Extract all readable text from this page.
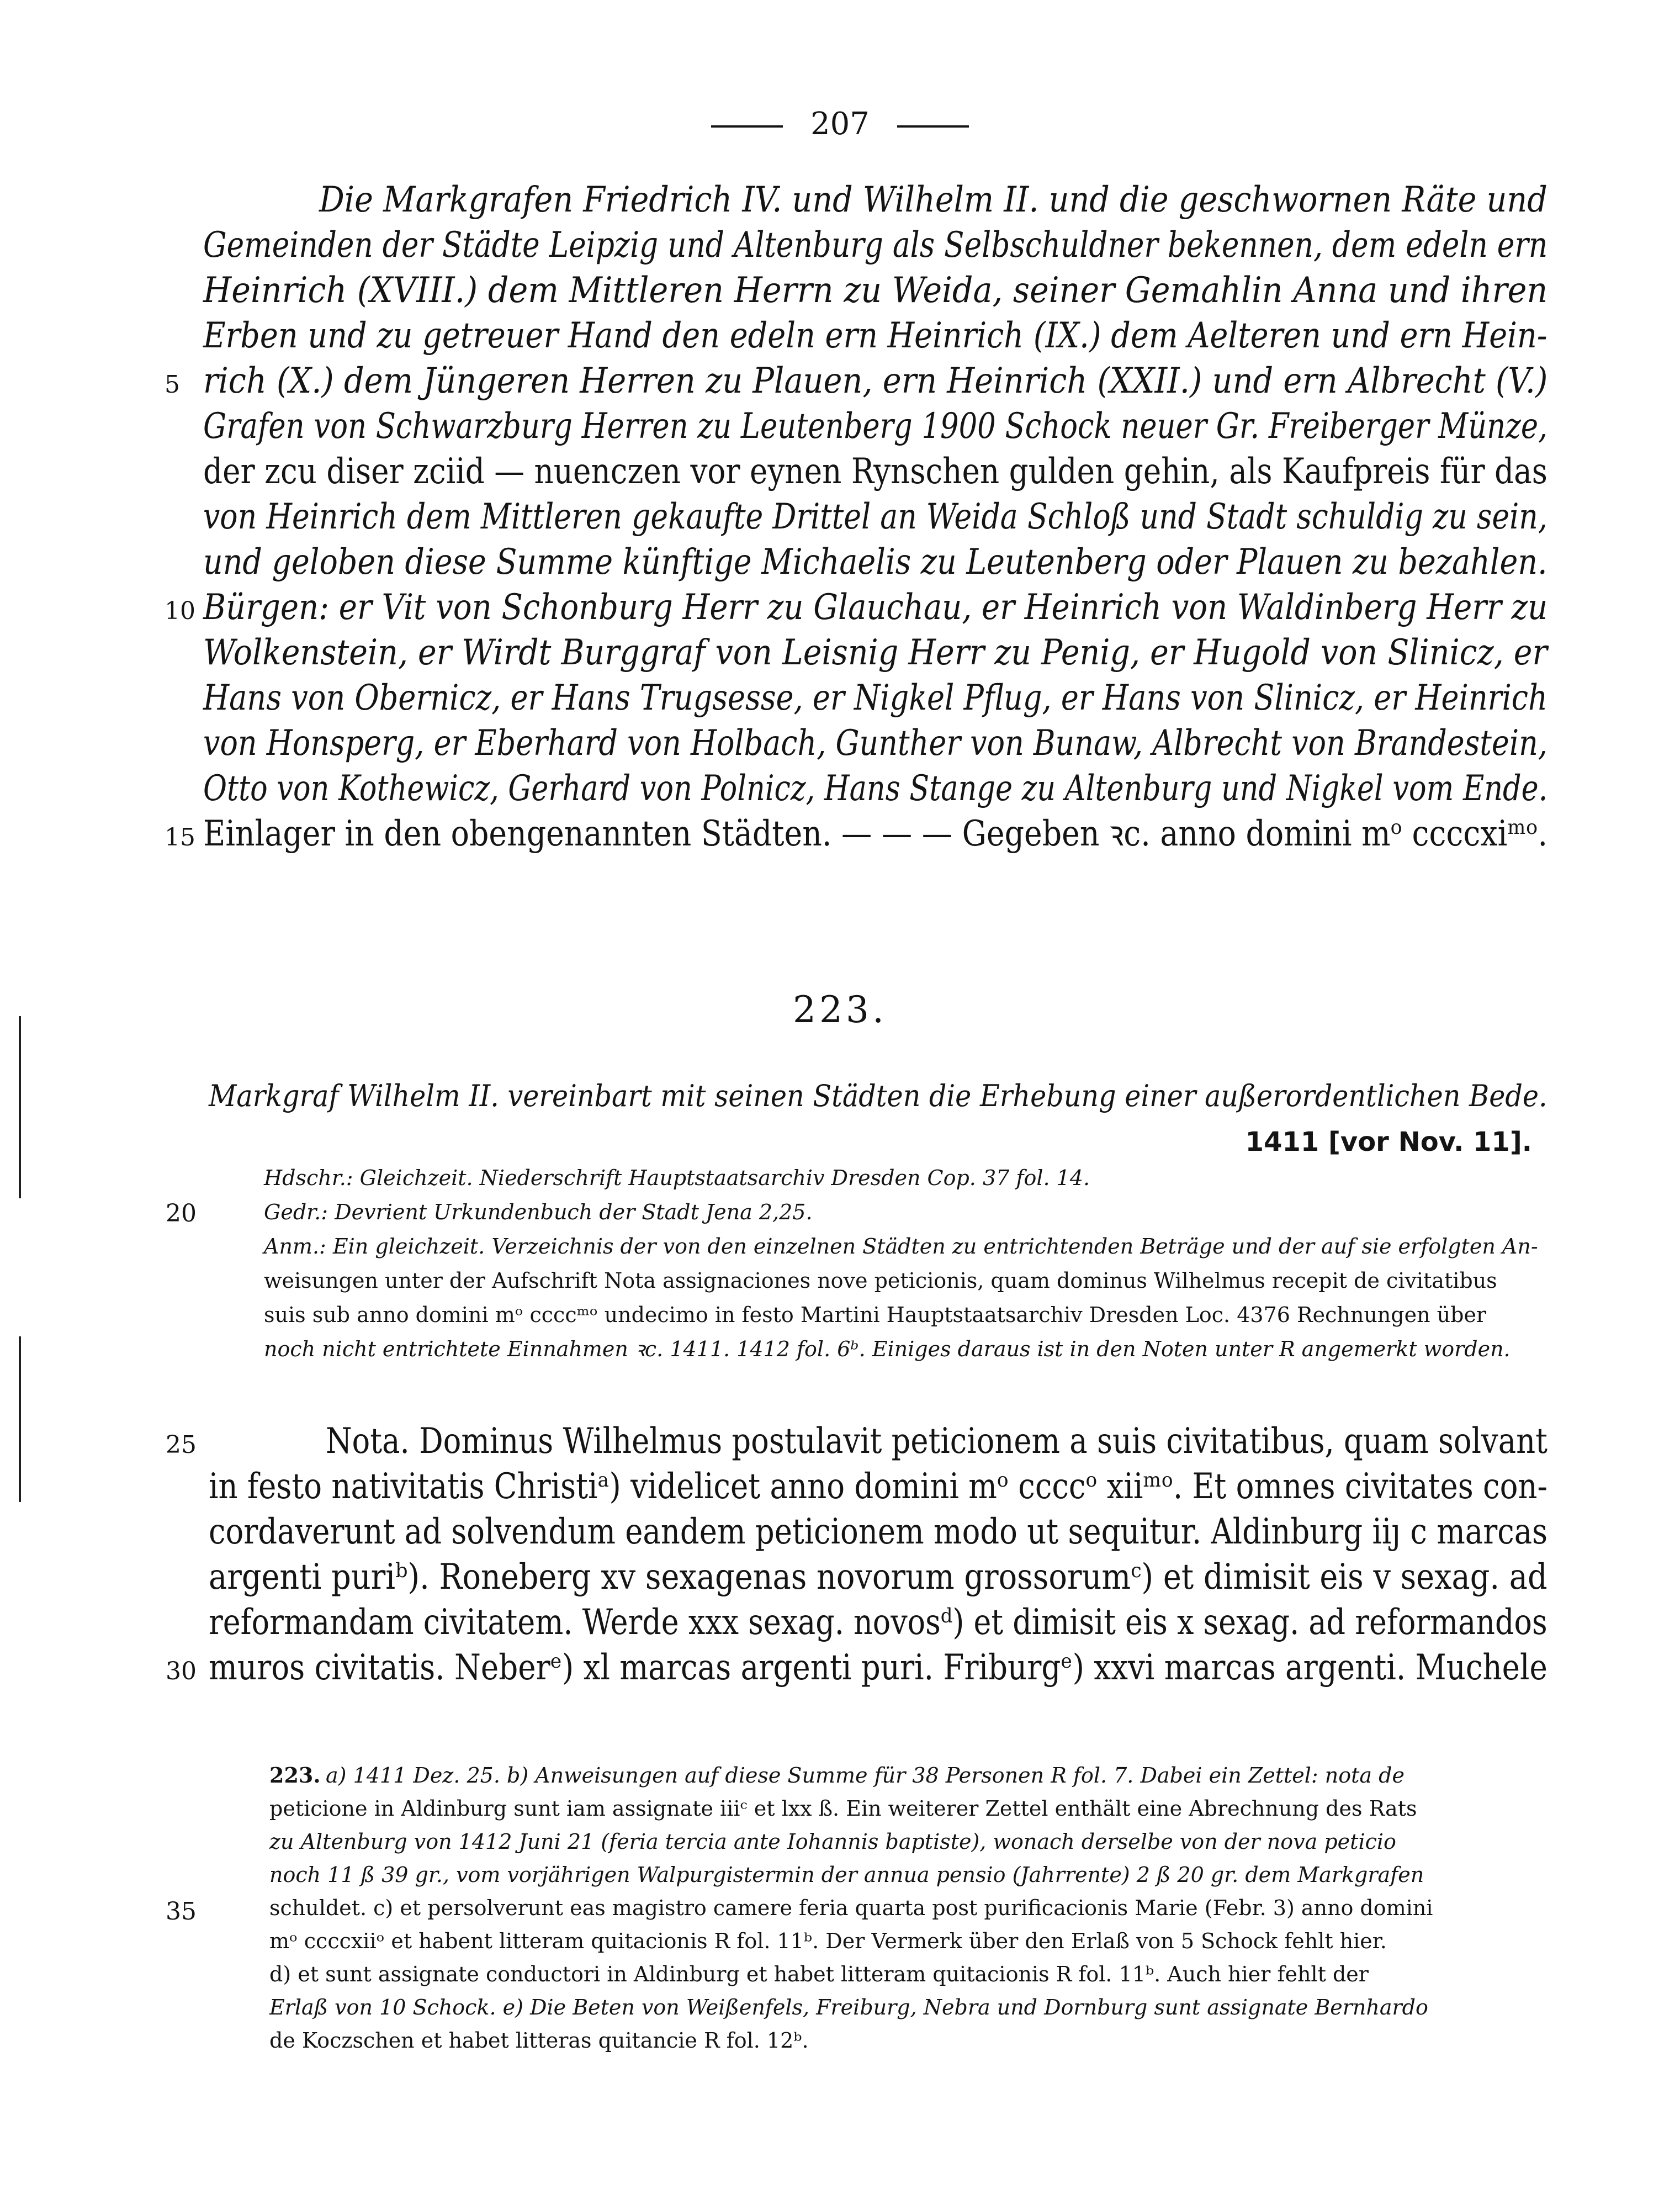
207
Die Markgrafen Friedrich IV. und Wilhelm II. und die geschwornen Räte und
Gemeinden der Städte Leipzig und Altenburg als Selbschuldner bekennen, dem edeln ern
Heinrich (XVIII.) dem Mittleren Herrn zu Weida, seiner Gemahlin Anna und ihren
Erben und zu getreuer Hand den edeln ern Heinrich (IX.) dem Aelteren und ern Hein-
rich (X.) dem Jüngeren Herren zu Plauen, ern Heinrich (XXII.) und ern Albrecht (V.)
Grafen von Schwarzburg Herren zu Leutenberg 1900 Schock neuer Gr. Freiberger Münze,
der zcu diser zciid — nuenczen vor eynen Rynschen gulden gehin, als Kaufpreis für das
von Heinrich dem Mittleren gekaufte Drittel an Weida Schloß und Stadt schuldig zu sein,
und geloben diese Summe künftige Michaelis zu Leutenberg oder Plauen zu bezahlen.
Bürgen: er Vit von Schonburg Herr zu Glauchau, er Heinrich von Waldinberg Herr zu
Wolkenstein, er Wirdt Burggraf von Leisnig Herr zu Penig, er Hugold von Slinicz, er
Hans von Obernicz, er Hans Trugsesse, er Nigkel Pflug, er Hans von Slinicz, er Heinrich
von Honsperg, er Eberhard von Holbach, Gunther von Bunaw, Albrecht von Brandestein,
Otto von Kothewicz, Gerhard von Polnicz, Hans Stange zu Altenburg und Nigkel vom Ende.
Einlager in den obengenannten Städten. — — — Gegeben ꝛc. anno domini mᵒ ccccxiᵐᵒ.
5
10
15
223.
Markgraf Wilhelm II. vereinbart mit seinen Städten die Erhebung einer außerordentlichen Bede.
1411 [vor Nov. 11].
Hdschr.: Gleichzeit. Niederschrift Hauptstaatsarchiv Dresden Cop. 37 fol. 14.
Gedr.: Devrient Urkundenbuch der Stadt Jena 2,25.
Anm.: Ein gleichzeit. Verzeichnis der von den einzelnen Städten zu entrichtenden Beträge und der auf sie erfolgten An-
weisungen unter der Aufschrift Nota assignaciones nove peticionis, quam dominus Wilhelmus recepit de civitatibus
suis sub anno domini mᵒ ccccᵐᵒ undecimo in festo Martini Hauptstaatsarchiv Dresden Loc. 4376 Rechnungen über
noch nicht entrichtete Einnahmen ꝛc. 1411. 1412 fol. 6ᵇ. Einiges daraus ist in den Noten unter R angemerkt worden.
20
Nota. Dominus Wilhelmus postulavit peticionem a suis civitatibus, quam solvant
in festo nativitatis Christiᵃ) videlicet anno domini mᵒ ccccᵒ xiiᵐᵒ. Et omnes civitates con-
cordaverunt ad solvendum eandem peticionem modo ut sequitur. Aldinburg iiȷ c marcas
argenti puriᵇ). Roneberg xv sexagenas novorum grossorumᶜ) et dimisit eis v sexag. ad
reformandam civitatem. Werde xxx sexag. novosᵈ) et dimisit eis x sexag. ad reformandos
muros civitatis. Neberᵉ) xl marcas argenti puri. Friburgᵉ) xxvi marcas argenti. Muchele
25
30
223. a) 1411 Dez. 25. b) Anweisungen auf diese Summe für 38 Personen R fol. 7. Dabei ein Zettel: nota de
peticione in Aldinburg sunt iam assignate iiiᶜ et lxx ß. Ein weiterer Zettel enthält eine Abrechnung des Rats
zu Altenburg von 1412 Juni 21 (feria tercia ante Iohannis baptiste), wonach derselbe von der nova peticio
noch 11 ß 39 gr., vom vorjährigen Walpurgistermin der annua pensio (Jahrrente) 2 ß 20 gr. dem Markgrafen
schuldet. c) et persolverunt eas magistro camere feria quarta post purificacionis Marie (Febr. 3) anno domini
mᵒ ccccxiiᵒ et habent litteram quitacionis R fol. 11ᵇ. Der Vermerk über den Erlaß von 5 Schock fehlt hier.
d) et sunt assignate conductori in Aldinburg et habet litteram quitacionis R fol. 11ᵇ. Auch hier fehlt der
Erlaß von 10 Schock. e) Die Beten von Weißenfels, Freiburg, Nebra und Dornburg sunt assignate Bernhardo
de Koczschen et habet litteras quitancie R fol. 12ᵇ.
35
